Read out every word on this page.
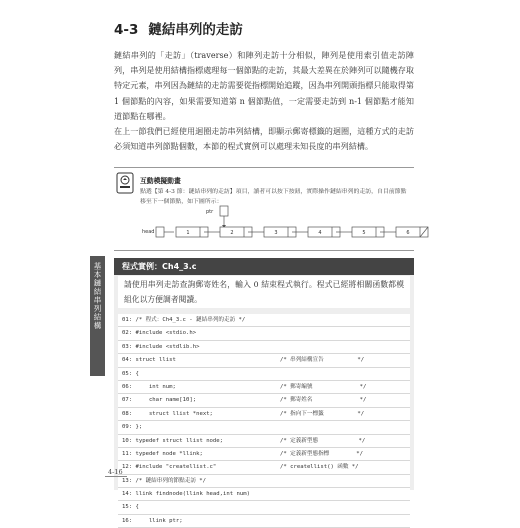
4-3 鏈結串列的走訪

鏈結串列的「走訪」（traverse）和陣列走訪十分相似，陣列是使用索引值走訪陣列，串列是使用結構指標處理每一個節點的走訪，其最大差異在於陣列可以隨機存取特定元素，串列因為鏈結的走訪需要從指標開始追蹤，因為串列開頭指標只能取得第 1 個節點的內容，如果需要知道第 n 個節點值，一定需要走訪到 n-1 個節點才能知道節點在哪裡。

在上一節我們已經使用迴圈走訪串列結構，即顯示郵寄標籤的迴圈，這種方式的走訪必須知道串列節點個數，本節的程式實例可以處理未知長度的串列結構。

互動模擬動畫
點選【第 4-3 節：鏈結串列的走訪】項目，讀者可以按下按鈕，實際操作鏈結串列的走訪，自目前節點移至下一個節點，如下圖所示：
ptr
head	1	2	3	4	5	6
基本鏈結串列結構	程式實例：Ch4_3.c
請使用串列走訪查詢郵寄姓名，輸入 0 結束程式執行。程式已經將相關函數都模組化以方便調者閱讀。
01: /* 程式：Ch4_3.c - 鏈結串列的走訪 */
02: #include <stdio.h>
03: #include <stdlib.h>
04: struct llist	/* 串列結構宣告          */
05: {
06:     int num;	/* 郵寄編號              */
07:     char name[10];	/* 郵寄姓名              */
08:     struct llist *next;	/* 指向下一標籤          */
09: };
10: typedef struct llist node;	/* 定義新型態            */
11: typedef node *llink;	/* 定義新型態指標        */
12: #include "createllist.c"	/* createllist() 函數 */
13: /* 鏈結串列的節點走訪 */
14: llink findnode(llink head,int num)
15: {
16:     llink ptr;
4-16
